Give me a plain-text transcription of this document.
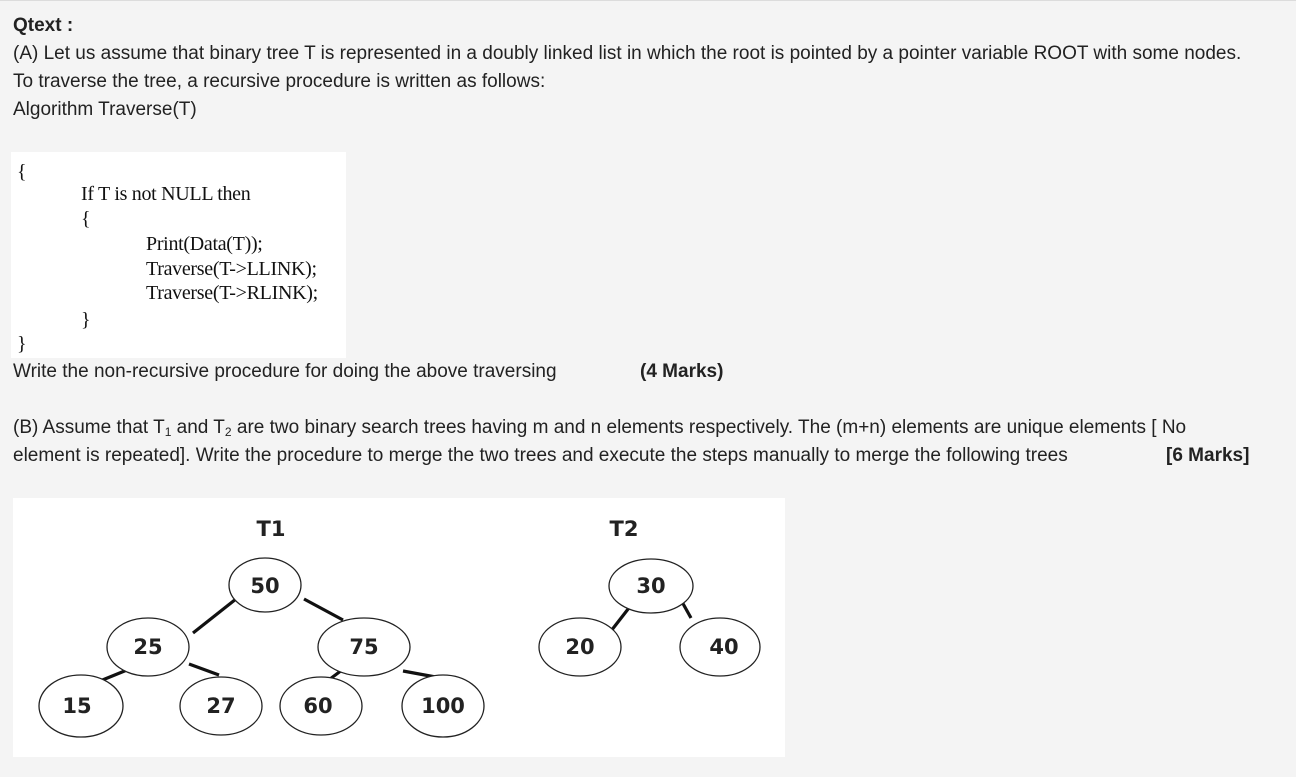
Qtext :
(A) Let us assume that binary tree T is represented in a doubly linked list in which the root is pointed by a pointer variable ROOT with some nodes.
To traverse the tree, a recursive procedure is written as follows:
Algorithm Traverse(T)
{
If T is not NULL then
{
Print(Data(T));
Traverse(T->LLINK);
Traverse(T->RLINK);
}
}
Write the non-recursive procedure for doing the above traversing	(4 Marks)
(B) Assume that $T_1$ and $T_2$ are two binary search trees having m and n elements respectively. The (m+n) elements are unique elements [ No
element is repeated]. Write the procedure to merge the two trees and execute the steps manually to merge the following trees	[6 Marks]
T1	T2
50
25	75
15	27	60	100
30
20	40
